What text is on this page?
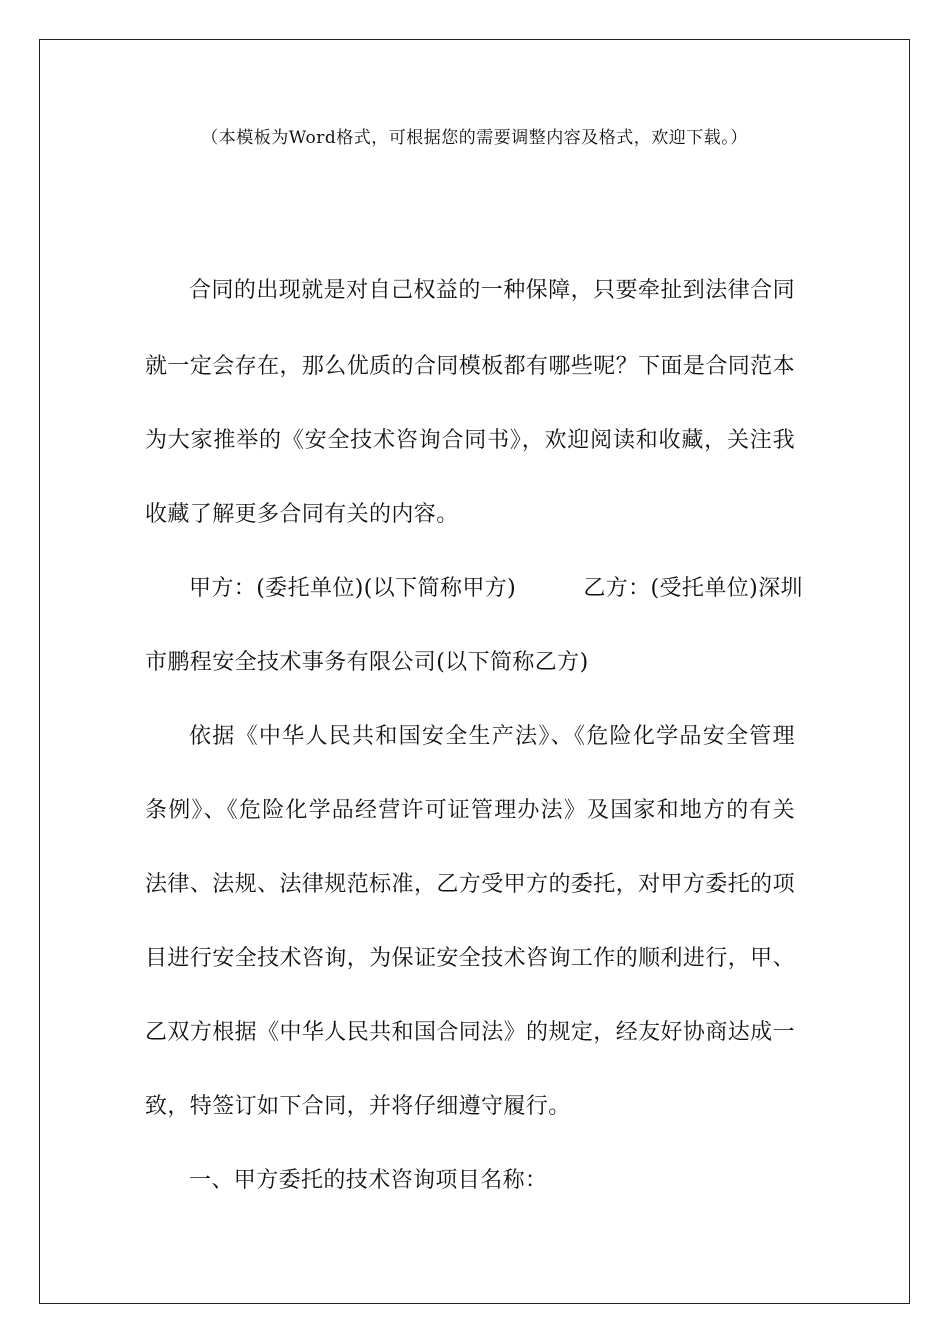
（本模板为Word格式，可根据您的需要调整内容及格式，欢迎下载。）
合同的出现就是对自己权益的一种保障，只要牵扯到法律合同
就一定会存在，那么优质的合同模板都有哪些呢？下面是合同范本
为大家推举的《安全技术咨询合同书》，欢迎阅读和收藏，关注我
收藏了解更多合同有关的内容。
甲方：(委托单位)(以下简称甲方)　　　乙方：(受托单位)深圳
市鹏程安全技术事务有限公司(以下简称乙方)
依据《中华人民共和国安全生产法》、《危险化学品安全管理
条例》、《危险化学品经营许可证管理办法》及国家和地方的有关
法律、法规、法律规范标准，乙方受甲方的委托，对甲方委托的项
目进行安全技术咨询，为保证安全技术咨询工作的顺利进行，甲、
乙双方根据《中华人民共和国合同法》的规定，经友好协商达成一
致，特签订如下合同，并将仔细遵守履行。
一、甲方委托的技术咨询项目名称：
